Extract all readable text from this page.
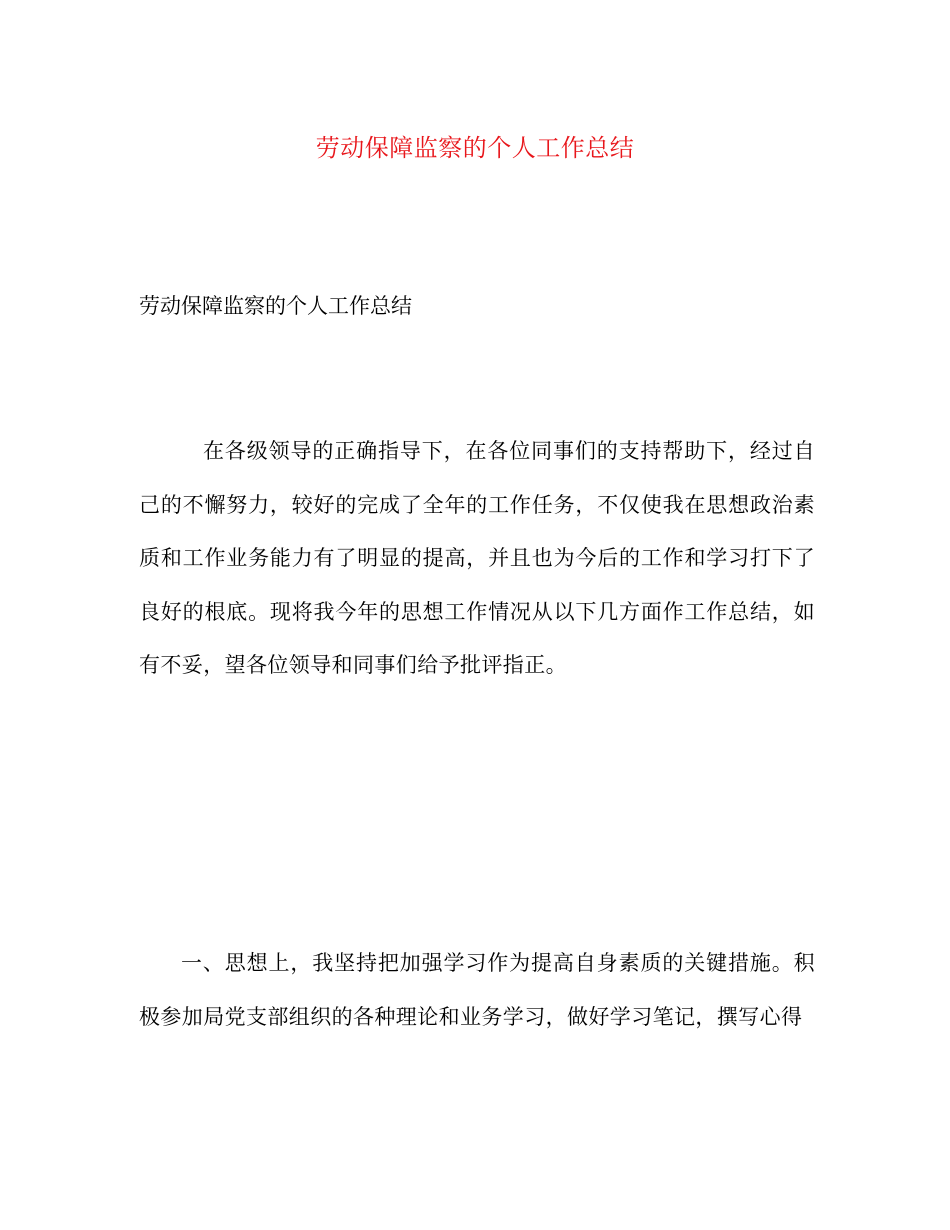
劳动保障监察的个人工作总结

劳动保障监察的个人工作总结

在各级领导的正确指导下，在各位同事们的支持帮助下，经过自己的不懈努力，较好的完成了全年的工作任务，不仅使我在思想政治素质和工作业务能力有了明显的提高，并且也为今后的工作和学习打下了良好的根底。现将我今年的思想工作情况从以下几方面作工作总结，如有不妥，望各位领导和同事们给予批评指正。

一、思想上，我坚持把加强学习作为提高自身素质的关键措施。积极参加局党支部组织的各种理论和业务学习，做好学习笔记，撰写心得
